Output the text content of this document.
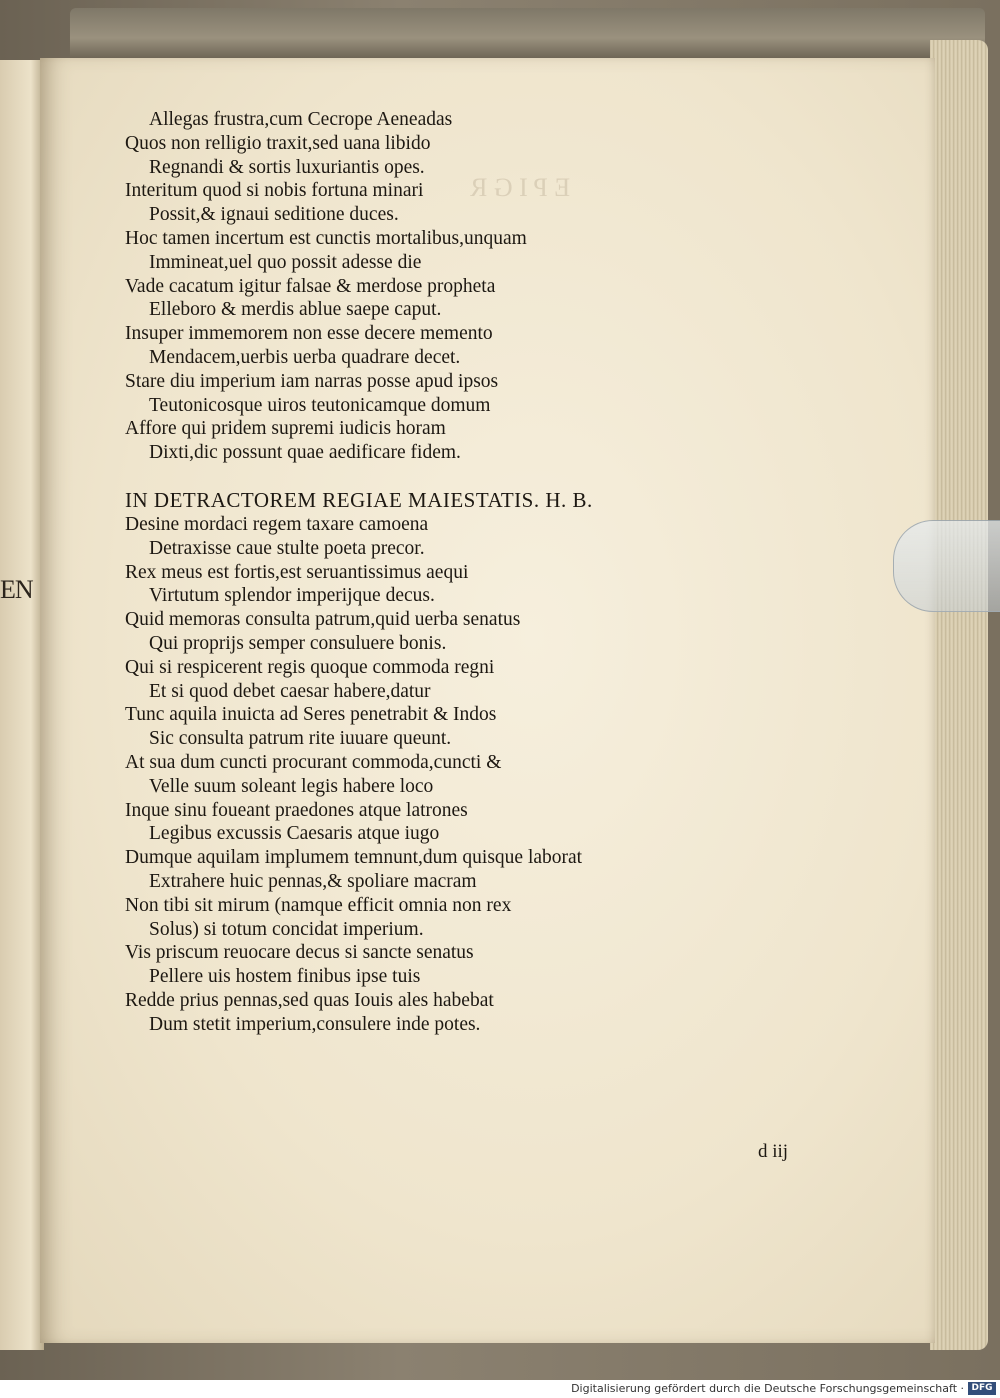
EN
E P I G R
Allegas frustra,cum Cecrope Aeneadas
Quos non relligio traxit,sed uana libido
Regnandi & sortis luxuriantis opes.
Interitum quod si nobis fortuna minari
Possit,& ignaui seditione duces.
Hoc tamen incertum est cunctis mortalibus,unquam
Immineat,uel quo possit adesse die
Vade cacatum igitur falsae & merdose propheta
Elleboro & merdis ablue saepe caput.
Insuper immemorem non esse decere memento
Mendacem,uerbis uerba quadrare decet.
Stare diu imperium iam narras posse apud ipsos
Teutonicosque uiros teutonicamque domum
Affore qui pridem supremi iudicis horam
Dixti,dic possunt quae aedificare fidem.
IN DETRACTOREM REGIAE MAIESTATIS. H. B.
Desine mordaci regem taxare camoena
Detraxisse caue stulte poeta precor.
Rex meus est fortis,est seruantissimus aequi
Virtutum splendor imperijque decus.
Quid memoras consulta patrum,quid uerba senatus
Qui proprijs semper consuluere bonis.
Qui si respicerent regis quoque commoda regni
Et si quod debet caesar habere,datur
Tunc aquila inuicta ad Seres penetrabit & Indos
Sic consulta patrum rite iuuare queunt.
At sua dum cuncti procurant commoda,cuncti &
Velle suum soleant legis habere loco
Inque sinu foueant praedones atque latrones
Legibus excussis Caesaris atque iugo
Dumque aquilam implumem temnunt,dum quisque laborat
Extrahere huic pennas,& spoliare macram
Non tibi sit mirum (namque efficit omnia non rex
Solus) si totum concidat imperium.
Vis priscum reuocare decus si sancte senatus
Pellere uis hostem finibus ipse tuis
Redde prius pennas,sed quas Iouis ales habebat
Dum stetit imperium,consulere inde potes.
d iij
Digitalisierung gefördert durch die Deutsche Forschungsgemeinschaft · DFG
